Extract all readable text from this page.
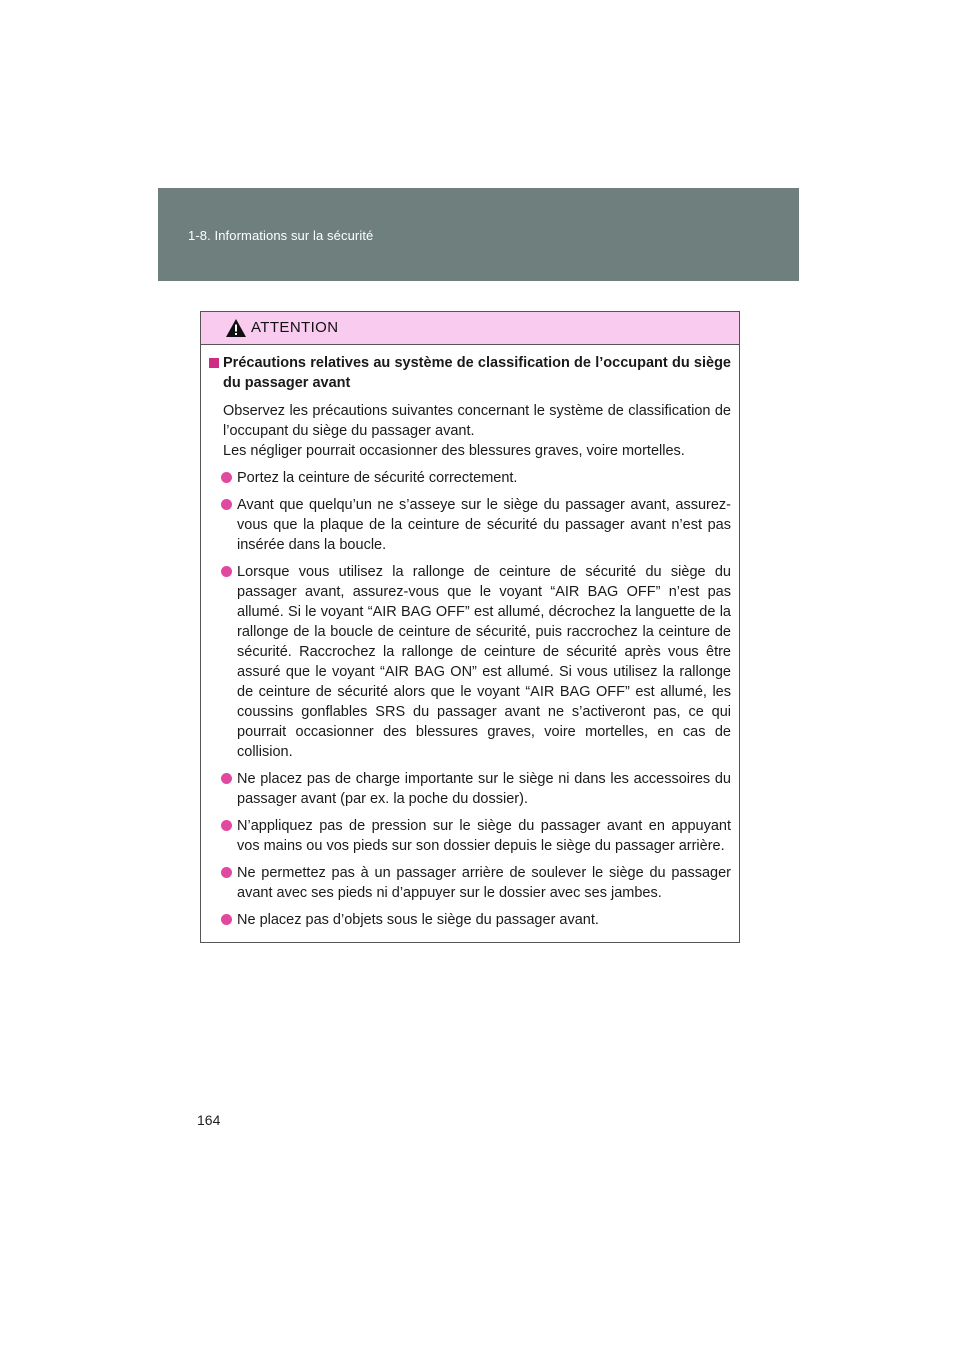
1-8. Informations sur la sécurité
ATTENTION
Précautions relatives au système de classification de l’occupant du siège du passager avant

Observez les précautions suivantes concernant le système de classification de l’occupant du siège du passager avant.

Les négliger pourrait occasionner des blessures graves, voire mortelles.

Portez la ceinture de sécurité correctement.
Avant que quelqu’un ne s’asseye sur le siège du passager avant, assurez-vous que la plaque de la ceinture de sécurité du passager avant n’est pas insérée dans la boucle.
Lorsque vous utilisez la rallonge de ceinture de sécurité du siège du passager avant, assurez-vous que le voyant “AIR BAG OFF” n’est pas allumé. Si le voyant “AIR BAG OFF” est allumé, décrochez la languette de la rallonge de la boucle de ceinture de sécurité, puis raccrochez la ceinture de sécurité. Raccrochez la rallonge de ceinture de sécurité après vous être assuré que le voyant “AIR BAG ON” est allumé. Si vous utilisez la rallonge de ceinture de sécurité alors que le voyant “AIR BAG OFF” est allumé, les coussins gonflables SRS du passager avant ne s’activeront pas, ce qui pourrait occasionner des blessures graves, voire mortelles, en cas de collision.
Ne placez pas de charge importante sur le siège ni dans les accessoires du passager avant (par ex. la poche du dossier).
N’appliquez pas de pression sur le siège du passager avant en appuyant vos mains ou vos pieds sur son dossier depuis le siège du passager arrière.
Ne permettez pas à un passager arrière de soulever le siège du passager avant avec ses pieds ni d’appuyer sur le dossier avec ses jambes.
Ne placez pas d’objets sous le siège du passager avant.
164
